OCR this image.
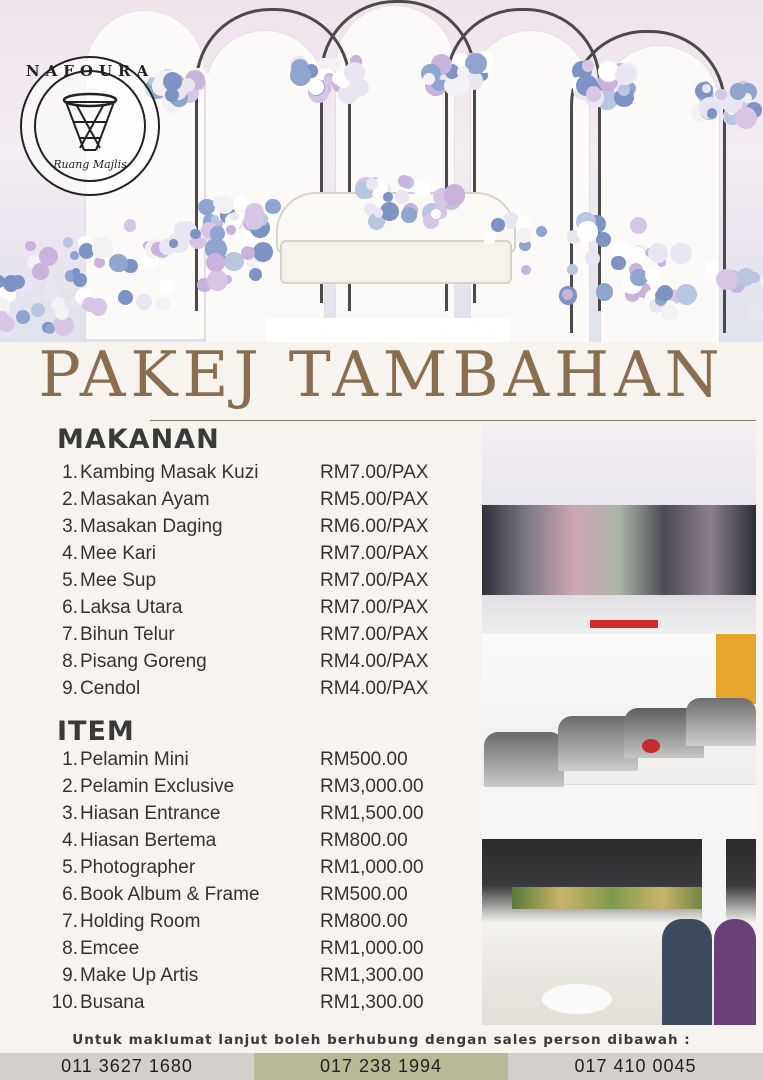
NAFOURA
Ruang Majlis
PAKEJ TAMBAHAN
MAKANAN
1. Kambing Masak Kuzi	RM7.00/PAX
2. Masakan Ayam	RM5.00/PAX
3. Masakan Daging	RM6.00/PAX
4. Mee Kari	RM7.00/PAX
5. Mee Sup	RM7.00/PAX
6. Laksa Utara	RM7.00/PAX
7. Bihun Telur	RM7.00/PAX
8. Pisang Goreng	RM4.00/PAX
9. Cendol	RM4.00/PAX
ITEM
1. Pelamin Mini	RM500.00
2. Pelamin Exclusive	RM3,000.00
3. Hiasan Entrance	RM1,500.00
4. Hiasan Bertema	RM800.00
5. Photographer	RM1,000.00
6. Book Album & Frame	RM500.00
7. Holding Room	RM800.00
8. Emcee	RM1,000.00
9. Make Up Artis	RM1,300.00
10. Busana	RM1,300.00
Untuk maklumat lanjut boleh berhubung dengan sales person dibawah :
011 3627 1680	017 238 1994	017 410 0045
